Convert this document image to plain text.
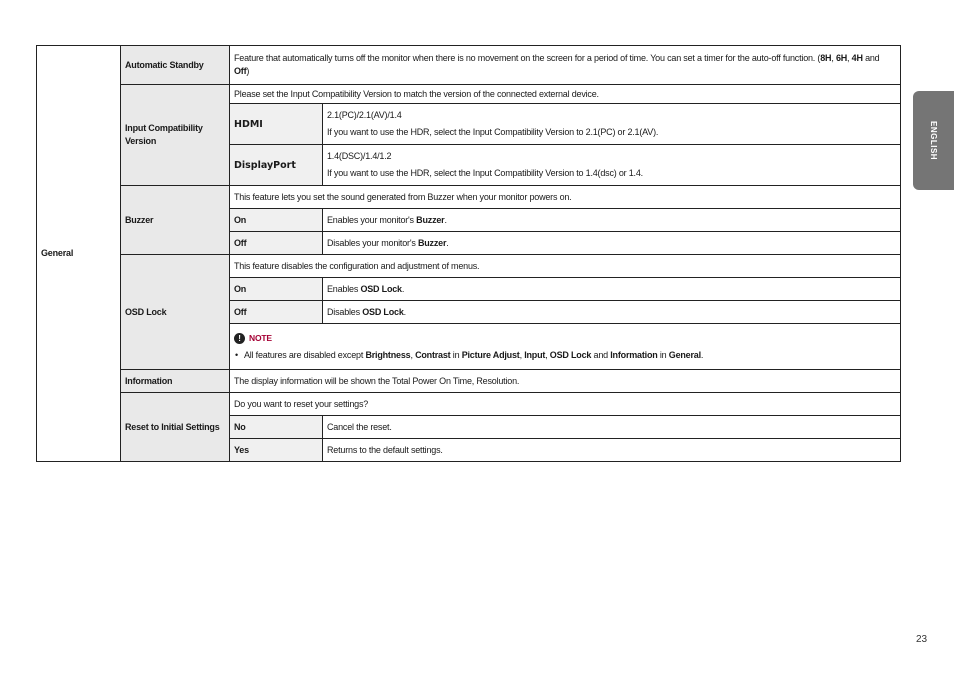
General	Automatic Standby	Feature that automatically turns off the monitor when there is no movement on the screen for a period of time. You can set a timer for the auto-off function. (8H, 6H, 4H and Off)	
	Input Compatibility Version	Please set the Input Compatibility Version to match the version of the connected external device.	
		HDMI	2.1(PC)/2.1(AV)/1.4
If you want to use the HDR, select the Input Compatibility Version to 2.1(PC) or 2.1(AV).

		DisplayPort	1.4(DSC)/1.4/1.2
If you want to use the HDR, select the Input Compatibility Version to 1.4(dsc) or 1.4.

	Buzzer	This feature lets you set the sound generated from Buzzer when your monitor powers on.	
		On	Enables your monitor's Buzzer.
		Off	Disables your monitor's Buzzer.
	OSD Lock	This feature disables the configuration and adjustment of menus.	
		On	Enables OSD Lock.
		Off	Disables OSD Lock.

! NOTE
• All features are disabled except Brightness, Contrast in Picture Adjust, Input, OSD Lock and Information in General.	

	Information	The display information will be shown the Total Power On Time, Resolution.	
	Reset to Initial Settings	Do you want to reset your settings?	
		No	Cancel the reset.
		Yes	Returns to the default settings.
ENGLISH
23
